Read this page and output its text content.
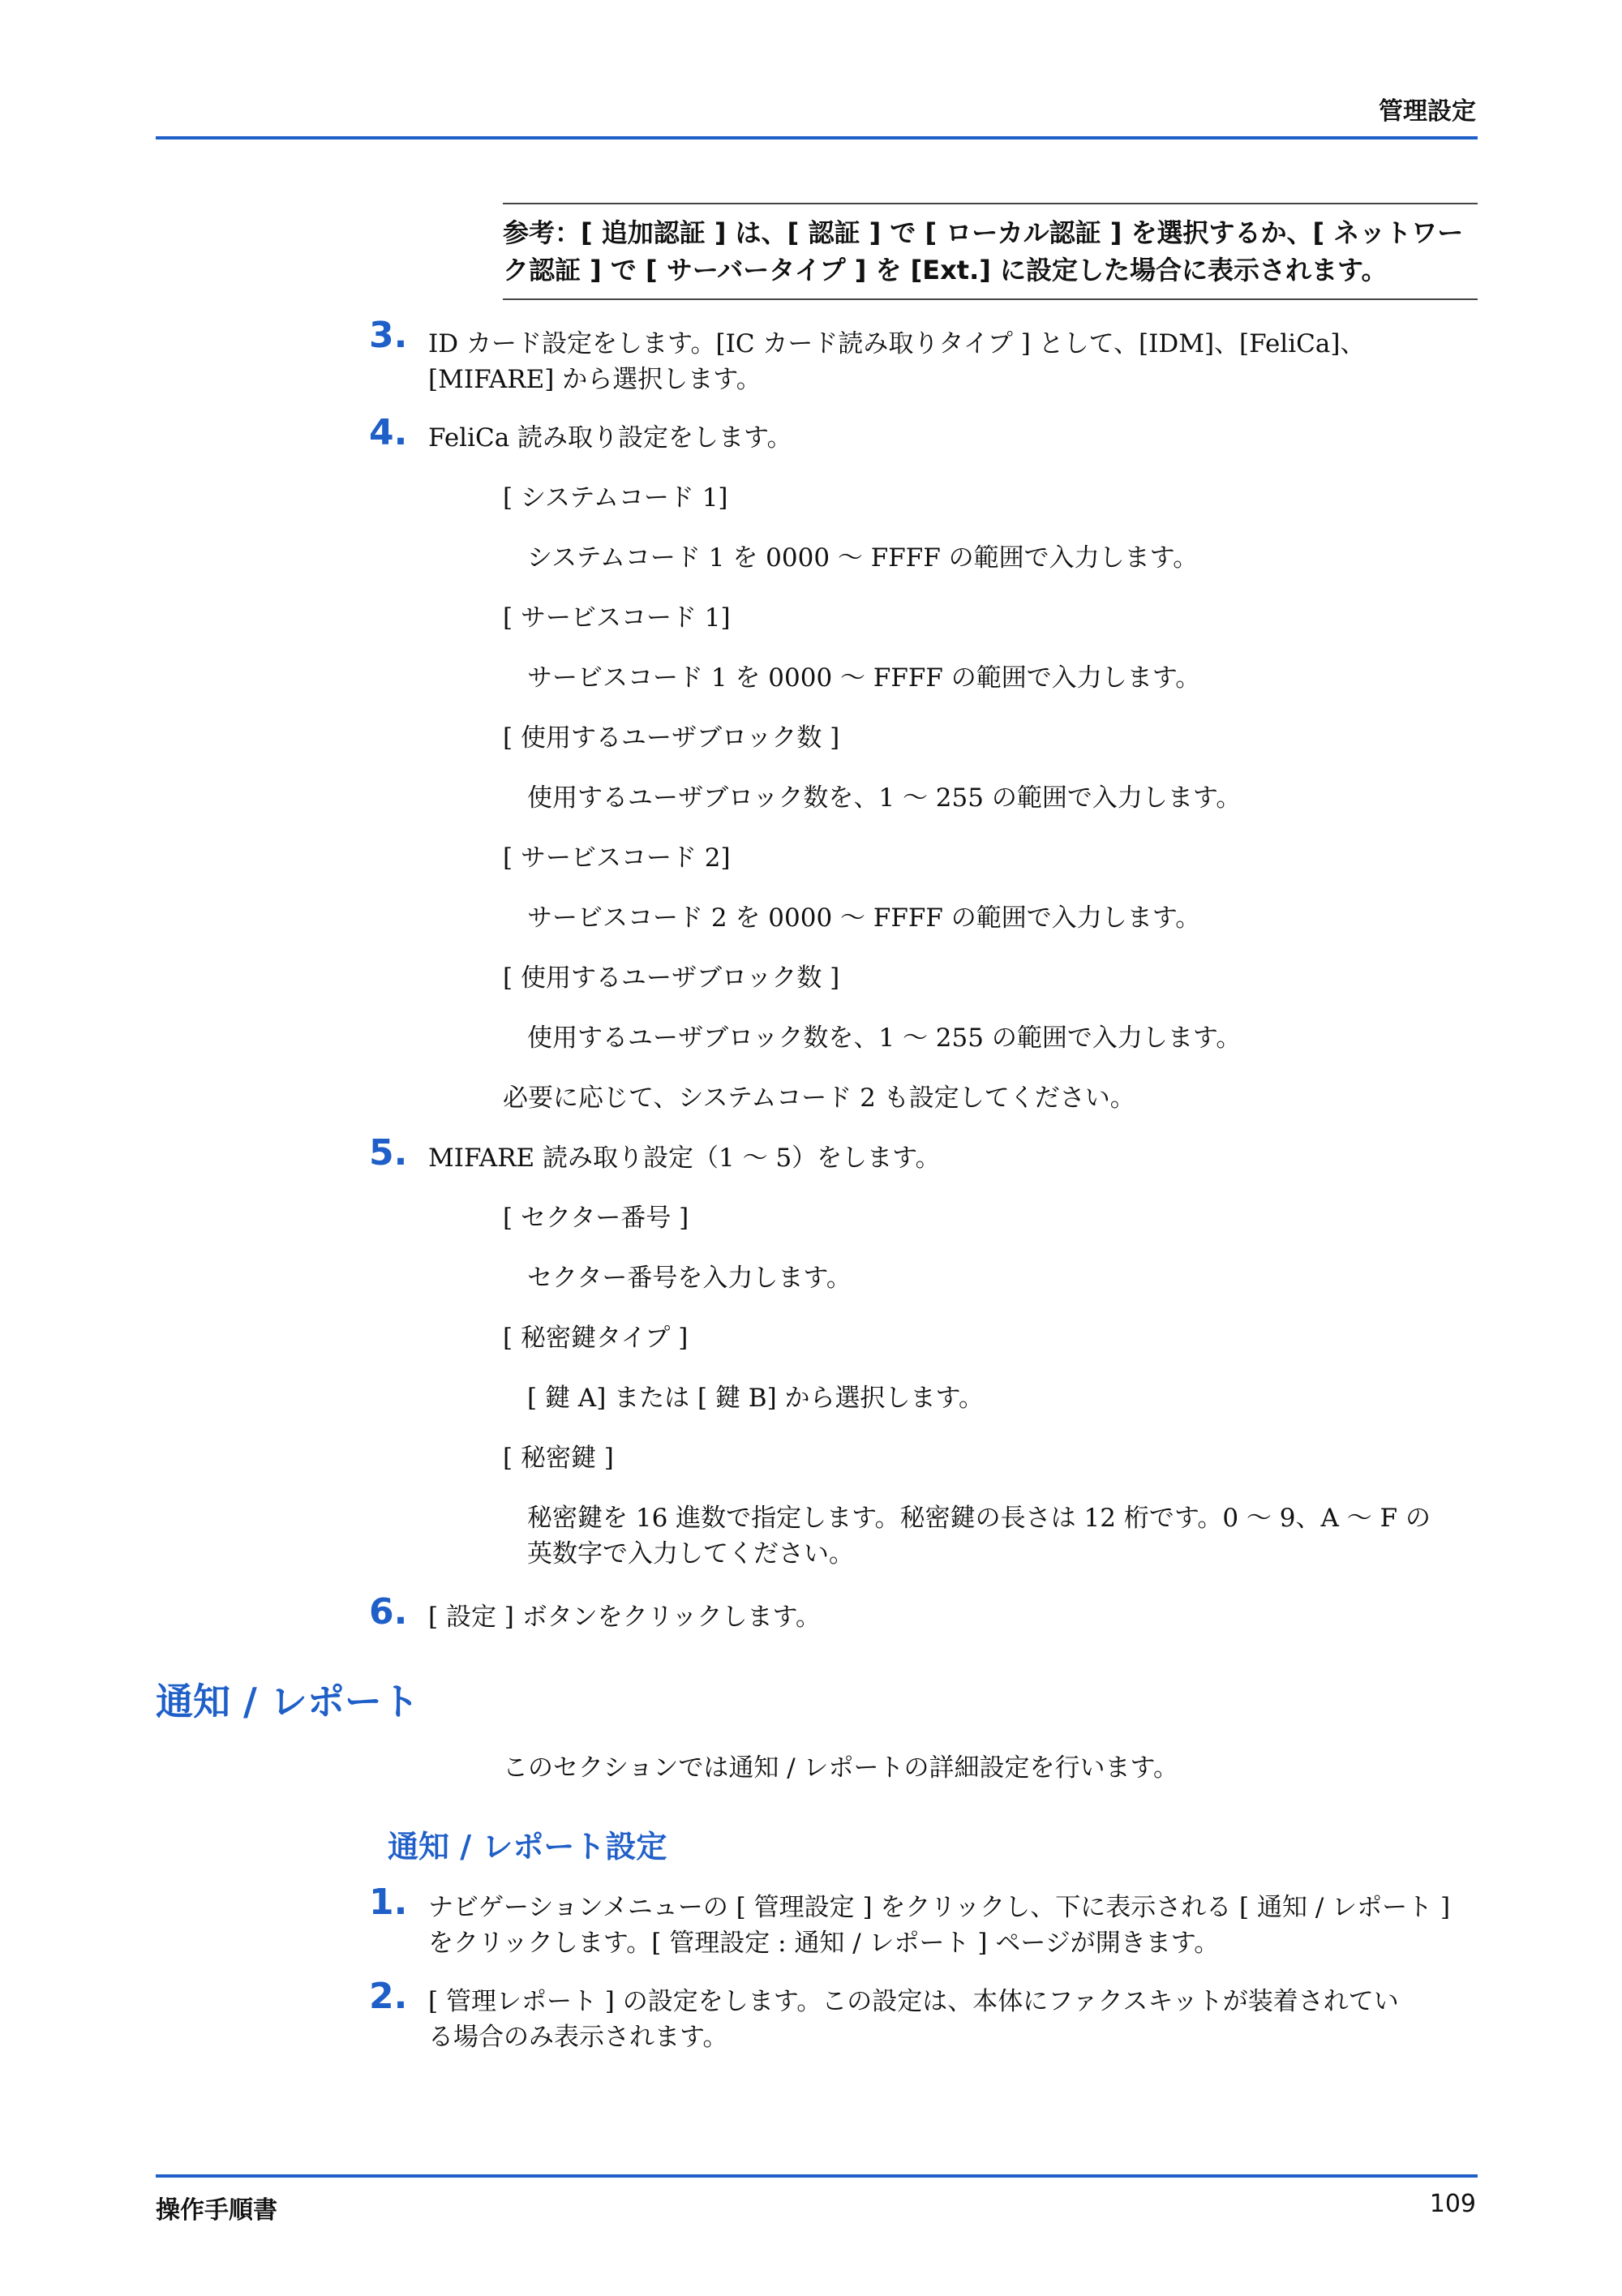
管理設定
参考：[ 追加認証 ] は、[ 認証 ] で [ ローカル認証 ] を選択するか、[ ネットワー
ク認証 ] で [ サーバータイプ ] を [Ext.] に設定した場合に表示されます。
3. ID カード設定をします。[IC カード読み取りタイプ ] として、[IDM]、[FeliCa]、
[MIFARE] から選択します。
4. FeliCa 読み取り設定をします。
[ システムコード 1]
システムコード 1 を 0000 ～ FFFF の範囲で入力します。
[ サービスコード 1]
サービスコード 1 を 0000 ～ FFFF の範囲で入力します。
[ 使用するユーザブロック数 ]
使用するユーザブロック数を、1 ～ 255 の範囲で入力します。
[ サービスコード 2]
サービスコード 2 を 0000 ～ FFFF の範囲で入力します。
[ 使用するユーザブロック数 ]
使用するユーザブロック数を、1 ～ 255 の範囲で入力します。
必要に応じて、システムコード 2 も設定してください。
5. MIFARE 読み取り設定（1 ～ 5）をします。
[ セクター番号 ]
セクター番号を入力します。
[ 秘密鍵タイプ ]
[ 鍵 A] または [ 鍵 B] から選択します。
[ 秘密鍵 ]
秘密鍵を 16 進数で指定します。秘密鍵の長さは 12 桁です。0 ～ 9、A ～ F の
英数字で入力してください。
6. [ 設定 ] ボタンをクリックします。
通知 / レポート
このセクションでは通知 / レポートの詳細設定を行います。
通知 / レポート設定
1. ナビゲーションメニューの [ 管理設定 ] をクリックし、下に表示される [ 通知 / レポート ]
をクリックします。[ 管理設定 : 通知 / レポート ] ページが開きます。
2. [ 管理レポート ] の設定をします。この設定は、本体にファクスキットが装着されてい
る場合のみ表示されます。
操作手順書	109
